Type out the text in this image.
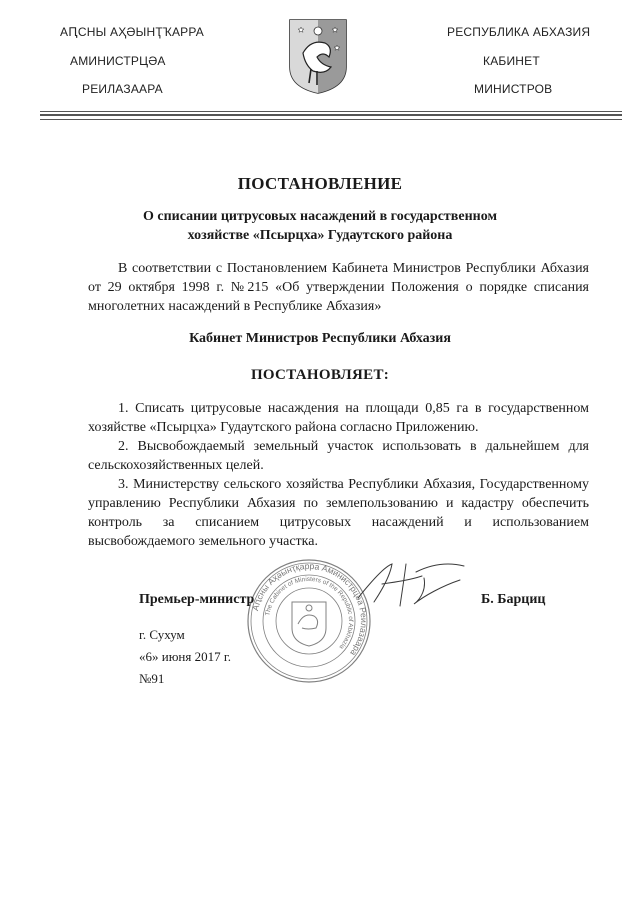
АԤСНЫ АҲӘЫНҬҠАРРА
АМИНИСТРЦӘА
РЕИЛАЗААРА
РЕСПУБЛИКА АБХАЗИЯ
КАБИНЕТ
МИНИСТРОВ
ПОСТАНОВЛЕНИЕ
О списании цитрусовых насаждений в государственном
хозяйстве «Псырцха» Гудаутского района

В соответствии с Постановлением Кабинета Министров Республики Абхазия от 29 октября 1998 г. №215 «Об утверждении Положения о порядке списания многолетних насаждений в Республике Абхазия»

Кабинет Министров Республики Абхазия
ПОСТАНОВЛЯЕТ:

1. Списать цитрусовые насаждения на площади 0,85 га в государственном хозяйстве «Псырцха» Гудаутского района согласно Приложению.

2. Высвобождаемый земельный участок использовать в дальнейшем для сельскохозяйственных целей.

3. Министерству сельского хозяйства Республики Абхазия, Государственному управлению Республики Абхазия по землепользованию и кадастру обеспечить контроль за списанием цитрусовых насаждений и использованием высвобождаемого земельного участка.

Аԥсны Аҳәынҭқарра Аминистрцәа Реилазаара
The Cabinet of Ministers of the Republic of Abkhazia
Премьер-министр	Б. Барциц
г. Сухум
«6» июня 2017 г.
№91
